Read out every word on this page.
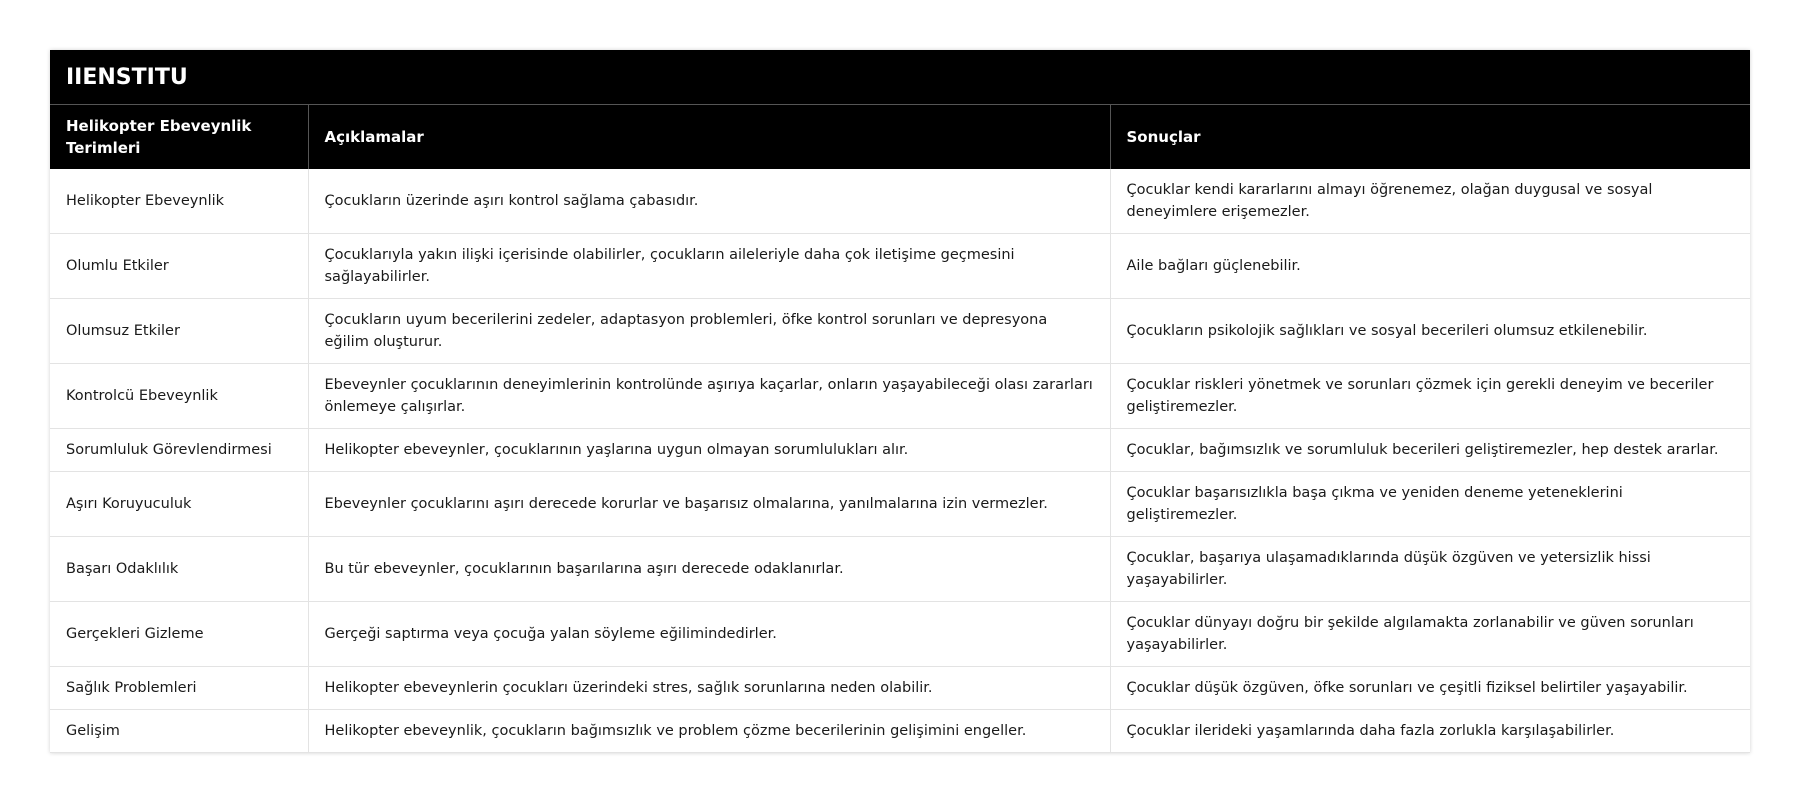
IIENSTITU
Helikopter Ebeveynlik Terimleri	Açıklamalar	Sonuçlar
Helikopter Ebeveynlik	Çocukların üzerinde aşırı kontrol sağlama çabasıdır.	Çocuklar kendi kararlarını almayı öğrenemez, olağan duygusal ve sosyal deneyimlere erişemezler.
Olumlu Etkiler	Çocuklarıyla yakın ilişki içerisinde olabilirler, çocukların aileleriyle daha çok iletişime geçmesini sağlayabilirler.	Aile bağları güçlenebilir.
Olumsuz Etkiler	Çocukların uyum becerilerini zedeler, adaptasyon problemleri, öfke kontrol sorunları ve depresyona eğilim oluşturur.	Çocukların psikolojik sağlıkları ve sosyal becerileri olumsuz etkilenebilir.
Kontrolcü Ebeveynlik	Ebeveynler çocuklarının deneyimlerinin kontrolünde aşırıya kaçarlar, onların yaşayabileceği olası zararları önlemeye çalışırlar.	Çocuklar riskleri yönetmek ve sorunları çözmek için gerekli deneyim ve beceriler geliştiremezler.
Sorumluluk Görevlendirmesi	Helikopter ebeveynler, çocuklarının yaşlarına uygun olmayan sorumlulukları alır.	Çocuklar, bağımsızlık ve sorumluluk becerileri geliştiremezler, hep destek ararlar.
Aşırı Koruyuculuk	Ebeveynler çocuklarını aşırı derecede korurlar ve başarısız olmalarına, yanılmalarına izin vermezler.	Çocuklar başarısızlıkla başa çıkma ve yeniden deneme yeteneklerini geliştiremezler.
Başarı Odaklılık	Bu tür ebeveynler, çocuklarının başarılarına aşırı derecede odaklanırlar.	Çocuklar, başarıya ulaşamadıklarında düşük özgüven ve yetersizlik hissi yaşayabilirler.
Gerçekleri Gizleme	Gerçeği saptırma veya çocuğa yalan söyleme eğilimindedirler.	Çocuklar dünyayı doğru bir şekilde algılamakta zorlanabilir ve güven sorunları yaşayabilirler.
Sağlık Problemleri	Helikopter ebeveynlerin çocukları üzerindeki stres, sağlık sorunlarına neden olabilir.	Çocuklar düşük özgüven, öfke sorunları ve çeşitli fiziksel belirtiler yaşayabilir.
Gelişim	Helikopter ebeveynlik, çocukların bağımsızlık ve problem çözme becerilerinin gelişimini engeller.	Çocuklar ilerideki yaşamlarında daha fazla zorlukla karşılaşabilirler.
